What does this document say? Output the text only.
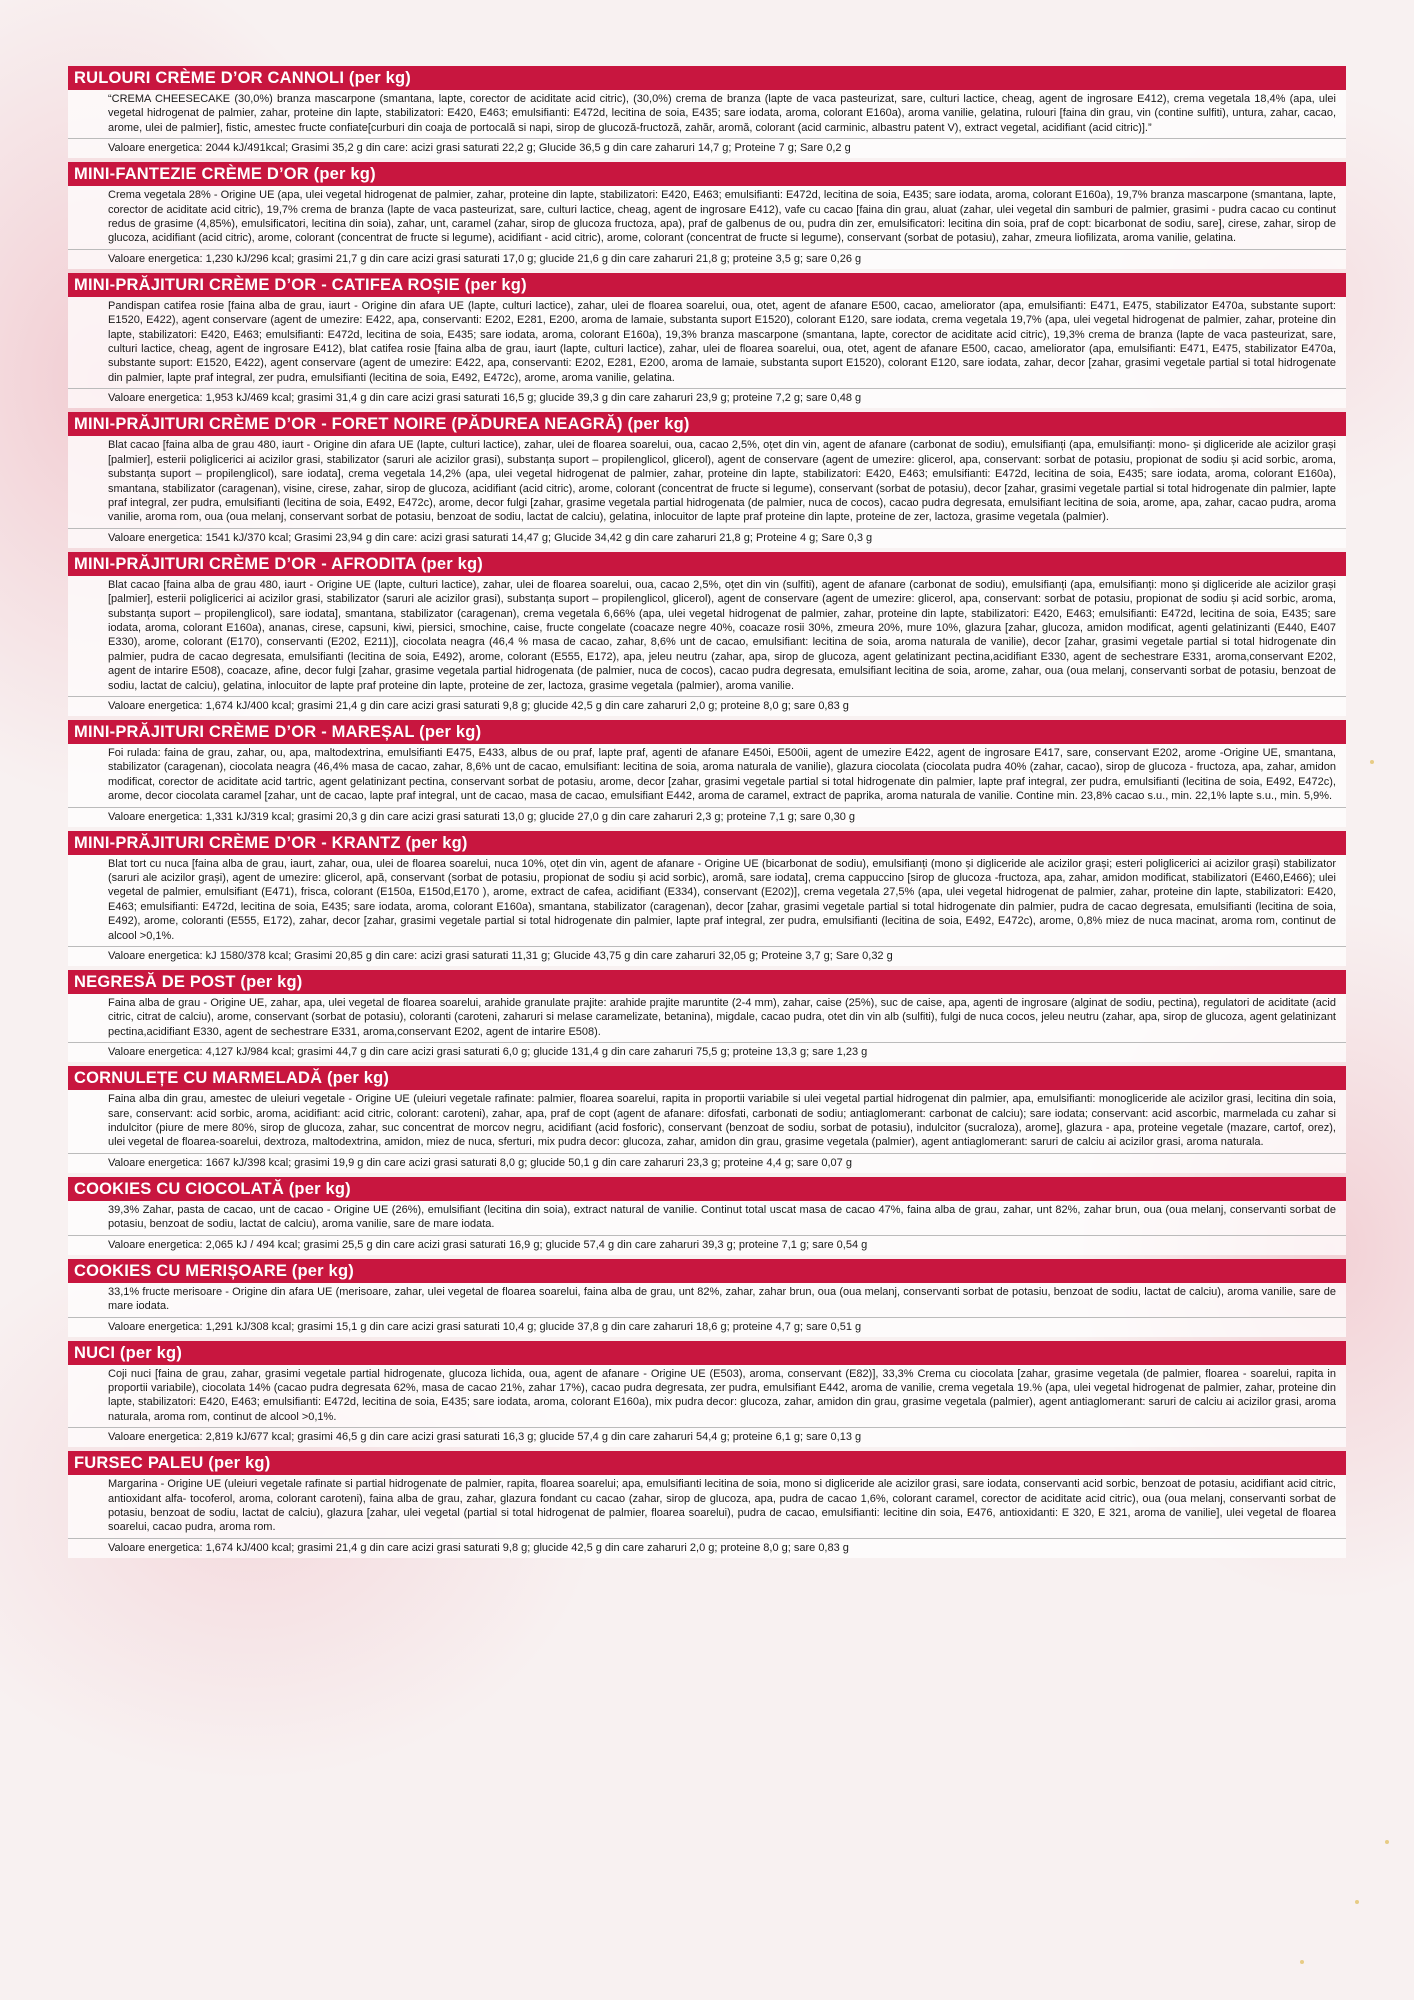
RULOURI CRÈME D’OR CANNOLI (per kg)
“CREMA CHEESECAKE (30,0%) branza mascarpone (smantana, lapte, corector de aciditate acid citric), (30,0%) crema de branza (lapte de vaca pasteurizat, sare, culturi lactice, cheag, agent de ingrosare E412), crema vegetala 18,4% (apa, ulei vegetal hidrogenat de palmier, zahar, proteine din lapte, stabilizatori: E420, E463; emulsifianti: E472d, lecitina de soia, E435; sare iodata, aroma, colorant E160a), aroma vanilie, gelatina, rulouri [faina din grau, vin (contine sulfiti), untura, zahar, cacao, arome, ulei de palmier], fistic, amestec fructe confiate[curburi din coaja de portocală si napi, sirop de glucoză-fructoză, zahăr, aromă, colorant (acid carminic, albastru patent V), extract vegetal, acidifiant (acid citric)].”
Valoare energetica: 2044 kJ/491kcal; Grasimi 35,2 g din care: acizi grasi saturati 22,2 g; Glucide 36,5 g din care zaharuri 14,7 g; Proteine 7 g; Sare 0,2 g
MINI-FANTEZIE CRÈME D’OR (per kg)
Crema vegetala 28% - Origine UE (apa, ulei vegetal hidrogenat de palmier, zahar, proteine din lapte, stabilizatori: E420, E463; emulsifianti: E472d, lecitina de soia, E435; sare iodata, aroma, colorant E160a), 19,7% branza mascarpone (smantana, lapte, corector de aciditate acid citric), 19,7% crema de branza (lapte de vaca pasteurizat, sare, culturi lactice, cheag, agent de ingrosare E412), vafe cu cacao [faina din grau, aluat (zahar, ulei vegetal din samburi de palmier, grasimi - pudra cacao cu continut redus de grasime (4,85%), emulsificatori, lecitina din soia), zahar, unt, caramel (zahar, sirop de glucoza fructoza, apa), praf de galbenus de ou, pudra din zer, emulsificatori: lecitina din soia, praf de copt: bicarbonat de sodiu, sare], cirese, zahar, sirop de glucoza, acidifiant (acid citric), arome, colorant (concentrat de fructe si legume), acidifiant - acid citric), arome, colorant (concentrat de fructe si legume), conservant (sorbat de potasiu), zahar, zmeura liofilizata, aroma vanilie, gelatina.
Valoare energetica: 1,230 kJ/296 kcal; grasimi 21,7 g din care acizi grasi saturati 17,0 g; glucide 21,6 g din care zaharuri 21,8 g; proteine 3,5 g; sare 0,26 g
MINI-PRĂJITURI CRÈME D’OR - CATIFEA ROȘIE (per kg)
Pandispan catifea rosie [faina alba de grau, iaurt - Origine din afara UE (lapte, culturi lactice), zahar, ulei de floarea soarelui, oua, otet, agent de afanare E500, cacao, ameliorator (apa, emulsifianti: E471, E475, stabilizator E470a, substante suport: E1520, E422), agent conservare (agent de umezire: E422, apa, conservanti: E202, E281, E200, aroma de lamaie, substanta suport E1520), colorant E120, sare iodata, crema vegetala 19,7% (apa, ulei vegetal hidrogenat de palmier, zahar, proteine din lapte, stabilizatori: E420, E463; emulsifianti: E472d, lecitina de soia, E435; sare iodata, aroma, colorant E160a), 19,3% branza mascarpone (smantana, lapte, corector de aciditate acid citric), 19,3% crema de branza (lapte de vaca pasteurizat, sare, culturi lactice, cheag, agent de ingrosare E412), blat catifea rosie [faina alba de grau, iaurt (lapte, culturi lactice), zahar, ulei de floarea soarelui, oua, otet, agent de afanare E500, cacao, ameliorator (apa, emulsifianti: E471, E475, stabilizator E470a, substante suport: E1520, E422), agent conservare (agent de umezire: E422, apa, conservanti: E202, E281, E200, aroma de lamaie, substanta suport E1520), colorant E120, sare iodata, zahar, decor [zahar, grasimi vegetale partial si total hidrogenate din palmier, lapte praf integral, zer pudra, emulsifianti (lecitina de soia, E492, E472c), arome, aroma vanilie, gelatina.
Valoare energetica: 1,953 kJ/469 kcal; grasimi 31,4 g din care acizi grasi saturati 16,5 g; glucide 39,3 g din care zaharuri 23,9 g; proteine 7,2 g; sare 0,48 g
MINI-PRĂJITURI CRÈME D’OR - FORET NOIRE (PĂDUREA NEAGRĂ) (per kg)
Blat cacao [faina alba de grau 480, iaurt - Origine din afara UE (lapte, culturi lactice), zahar, ulei de floarea soarelui, oua, cacao 2,5%, oțet din vin, agent de afanare (carbonat de sodiu), emulsifianți (apa, emulsifianți: mono- și digliceride ale acizilor grași [palmier], esterii poliglicerici ai acizilor grasi, stabilizator (saruri ale acizilor grasi), substanța suport – propilenglicol, glicerol), agent de conservare (agent de umezire: glicerol, apa, conservant: sorbat de potasiu, propionat de sodiu și acid sorbic, aroma, substanța suport – propilenglicol), sare iodata], crema vegetala 14,2% (apa, ulei vegetal hidrogenat de palmier, zahar, proteine din lapte, stabilizatori: E420, E463; emulsifianti: E472d, lecitina de soia, E435; sare iodata, aroma, colorant E160a), smantana, stabilizator (caragenan), visine, cirese, zahar, sirop de glucoza, acidifiant (acid citric), arome, colorant (concentrat de fructe si legume), conservant (sorbat de potasiu), decor [zahar, grasimi vegetale partial si total hidrogenate din palmier, lapte praf integral, zer pudra, emulsifianti (lecitina de soia, E492, E472c), arome, decor fulgi [zahar, grasime vegetala partial hidrogenata (de palmier, nuca de cocos), cacao pudra degresata, emulsifiant lecitina de soia, arome, apa, zahar, cacao pudra, aroma vanilie, aroma rom, oua (oua melanj, conservant sorbat de potasiu, benzoat de sodiu, lactat de calciu), gelatina, inlocuitor de lapte praf proteine din lapte, proteine de zer, lactoza, grasime vegetala (palmier).
Valoare energetica: 1541 kJ/370 kcal; Grasimi 23,94 g din care: acizi grasi saturati 14,47 g; Glucide 34,42 g din care zaharuri 21,8 g; Proteine 4 g; Sare 0,3 g
MINI-PRĂJITURI CRÈME D’OR - AFRODITA (per kg)
Blat cacao [faina alba de grau 480, iaurt - Origine UE (lapte, culturi lactice), zahar, ulei de floarea soarelui, oua, cacao 2,5%, oțet din vin (sulfiti), agent de afanare (carbonat de sodiu), emulsifianți (apa, emulsifianți: mono și digliceride ale acizilor grași [palmier], esterii poliglicerici ai acizilor grasi, stabilizator (saruri ale acizilor grasi), substanța suport – propilenglicol, glicerol), agent de conservare (agent de umezire: glicerol, apa, conservant: sorbat de potasiu, propionat de sodiu și acid sorbic, aroma, substanța suport – propilenglicol), sare iodata], smantana, stabilizator (caragenan), crema vegetala 6,66% (apa, ulei vegetal hidrogenat de palmier, zahar, proteine din lapte, stabilizatori: E420, E463; emulsifianti: E472d, lecitina de soia, E435; sare iodata, aroma, colorant E160a), ananas, cirese, capsuni, kiwi, piersici, smochine, caise, fructe congelate (coacaze negre 40%, coacaze rosii 30%, zmeura 20%, mure 10%, glazura [zahar, glucoza, amidon modificat, agenti gelatinizanti (E440, E407 E330), arome, colorant (E170), conservanti (E202, E211)], ciocolata neagra (46,4 % masa de cacao, zahar, 8,6% unt de cacao, emulsifiant: lecitina de soia, aroma naturala de vanilie), decor [zahar, grasimi vegetale partial si total hidrogenate din palmier, pudra de cacao degresata, emulsifianti (lecitina de soia, E492), arome, colorant (E555, E172), apa, jeleu neutru (zahar, apa, sirop de glucoza, agent gelatinizant pectina,acidifiant E330, agent de sechestrare E331, aroma,conservant E202, agent de intarire E508), coacaze, afine, decor fulgi [zahar, grasime vegetala partial hidrogenata (de palmier, nuca de cocos), cacao pudra degresata, emulsifiant lecitina de soia, arome, zahar, oua (oua melanj, conservanti sorbat de potasiu, benzoat de sodiu, lactat de calciu), gelatina, inlocuitor de lapte praf proteine din lapte, proteine de zer, lactoza, grasime vegetala (palmier), aroma vanilie.
Valoare energetica: 1,674 kJ/400 kcal; grasimi 21,4 g din care acizi grasi saturati 9,8 g; glucide 42,5 g din care zaharuri 2,0 g; proteine 8,0 g; sare 0,83 g
MINI-PRĂJITURI CRÈME D’OR - MAREȘAL (per kg)
Foi rulada: faina de grau, zahar, ou, apa, maltodextrina, emulsifianti E475, E433, albus de ou praf, lapte praf, agenti de afanare E450i, E500ii, agent de umezire E422, agent de ingrosare E417, sare, conservant E202, arome -Origine UE, smantana, stabilizator (caragenan), ciocolata neagra (46,4% masa de cacao, zahar, 8,6% unt de cacao, emulsifiant: lecitina de soia, aroma naturala de vanilie), glazura ciocolata (ciocolata pudra 40% (zahar, cacao), sirop de glucoza - fructoza, apa, zahar, amidon modificat, corector de aciditate acid tartric, agent gelatinizant pectina, conservant sorbat de potasiu, arome, decor [zahar, grasimi vegetale partial si total hidrogenate din palmier, lapte praf integral, zer pudra, emulsifianti (lecitina de soia, E492, E472c), arome, decor ciocolata caramel [zahar, unt de cacao, lapte praf integral, unt de cacao, masa de cacao, emulsifiant E442, aroma de caramel, extract de paprika, aroma naturala de vanilie. Contine min. 23,8% cacao s.u., min. 22,1% lapte s.u., min. 5,9%.
Valoare energetica: 1,331 kJ/319 kcal; grasimi 20,3 g din care acizi grasi saturati 13,0 g; glucide 27,0 g din care zaharuri 2,3 g; proteine 7,1 g; sare 0,30 g
MINI-PRĂJITURI CRÈME D’OR - KRANTZ (per kg)
Blat tort cu nuca [faina alba de grau, iaurt, zahar, oua, ulei de floarea soarelui, nuca 10%, oțet din vin, agent de afanare - Origine UE (bicarbonat de sodiu), emulsifianți (mono și digliceride ale acizilor grași; esteri poliglicerici ai acizilor grași) stabilizator (saruri ale acizilor grași), agent de umezire: glicerol, apă, conservant (sorbat de potasiu, propionat de sodiu și acid sorbic), aromă, sare iodata], crema cappuccino [sirop de glucoza -fructoza, apa, zahar, amidon modificat, stabilizatori (E460,E466); ulei vegetal de palmier, emulsifiant (E471), frisca, colorant (E150a, E150d,E170 ), arome, extract de cafea, acidifiant (E334), conservant (E202)], crema vegetala 27,5% (apa, ulei vegetal hidrogenat de palmier, zahar, proteine din lapte, stabilizatori: E420, E463; emulsifianti: E472d, lecitina de soia, E435; sare iodata, aroma, colorant E160a), smantana, stabilizator (caragenan), decor [zahar, grasimi vegetale partial si total hidrogenate din palmier, pudra de cacao degresata, emulsifianti (lecitina de soia, E492), arome, coloranti (E555, E172), zahar, decor [zahar, grasimi vegetale partial si total hidrogenate din palmier, lapte praf integral, zer pudra, emulsifianti (lecitina de soia, E492, E472c), arome, 0,8% miez de nuca macinat, aroma rom, continut de alcool >0,1%.
Valoare energetica: kJ 1580/378 kcal; Grasimi 20,85 g din care: acizi grasi saturati 11,31 g; Glucide 43,75 g din care zaharuri 32,05 g; Proteine 3,7 g; Sare 0,32 g
NEGRESĂ DE POST (per kg)
Faina alba de grau - Origine UE, zahar, apa, ulei vegetal de floarea soarelui, arahide granulate prajite: arahide prajite maruntite (2-4 mm), zahar, caise (25%), suc de caise, apa, agenti de ingrosare (alginat de sodiu, pectina), regulatori de aciditate (acid citric, citrat de calciu), arome, conservant (sorbat de potasiu), coloranti (caroteni, zaharuri si melase caramelizate, betanina), migdale, cacao pudra, otet din vin alb (sulfiti), fulgi de nuca cocos, jeleu neutru (zahar, apa, sirop de glucoza, agent gelatinizant pectina,acidifiant E330, agent de sechestrare E331, aroma,conservant E202, agent de intarire E508).
Valoare energetica: 4,127 kJ/984 kcal; grasimi 44,7 g din care acizi grasi saturati 6,0 g; glucide 131,4 g din care zaharuri 75,5 g; proteine 13,3 g; sare 1,23 g
CORNULEȚE CU MARMELADĂ (per kg)
Faina alba din grau, amestec de uleiuri vegetale - Origine UE (uleiuri vegetale rafinate: palmier, floarea soarelui, rapita in proportii variabile si ulei vegetal partial hidrogenat din palmier, apa, emulsifianti: monogliceride ale acizilor grasi, lecitina din soia, sare, conservant: acid sorbic, aroma, acidifiant: acid citric, colorant: caroteni), zahar, apa, praf de copt (agent de afanare: difosfati, carbonati de sodiu; antiaglomerant: carbonat de calciu); sare iodata; conservant: acid ascorbic, marmelada cu zahar si indulcitor (piure de mere 80%, sirop de glucoza, zahar, suc concentrat de morcov negru, acidifiant (acid fosforic), conservant (benzoat de sodiu, sorbat de potasiu), indulcitor (sucraloza), arome], glazura - apa, proteine vegetale (mazare, cartof, orez), ulei vegetal de floarea-soarelui, dextroza, maltodextrina, amidon, miez de nuca, sferturi, mix pudra decor: glucoza, zahar, amidon din grau, grasime vegetala (palmier), agent antiaglomerant: saruri de calciu ai acizilor grasi, aroma naturala.
Valoare energetica: 1667 kJ/398 kcal; grasimi 19,9 g din care acizi grasi saturati 8,0 g; glucide 50,1 g din care zaharuri 23,3 g; proteine 4,4 g; sare 0,07 g
COOKIES CU CIOCOLATĂ (per kg)
39,3% Zahar, pasta de cacao, unt de cacao - Origine UE (26%), emulsifiant (lecitina din soia), extract natural de vanilie. Continut total uscat masa de cacao 47%, faina alba de grau, zahar, unt 82%, zahar brun, oua (oua melanj, conservanti sorbat de potasiu, benzoat de sodiu, lactat de calciu), aroma vanilie, sare de mare iodata.
Valoare energetica: 2,065 kJ / 494 kcal; grasimi 25,5 g din care acizi grasi saturati 16,9 g; glucide 57,4 g din care zaharuri 39,3 g; proteine 7,1 g; sare 0,54 g
COOKIES CU MERIȘOARE (per kg)
33,1% fructe merisoare - Origine din afara UE (merisoare, zahar, ulei vegetal de floarea soarelui, faina alba de grau, unt 82%, zahar, zahar brun, oua (oua melanj, conservanti sorbat de potasiu, benzoat de sodiu, lactat de calciu), aroma vanilie, sare de mare iodata.
Valoare energetica: 1,291 kJ/308 kcal; grasimi 15,1 g din care acizi grasi saturati 10,4 g; glucide 37,8 g din care zaharuri 18,6 g; proteine 4,7 g; sare 0,51 g
NUCI (per kg)
Coji nuci [faina de grau, zahar, grasimi vegetale partial hidrogenate, glucoza lichida, oua, agent de afanare - Origine UE (E503), aroma, conservant (E82)], 33,3% Crema cu ciocolata [zahar, grasime vegetala (de palmier, floarea - soarelui, rapita in proportii variabile), ciocolata 14% (cacao pudra degresata 62%, masa de cacao 21%, zahar 17%), cacao pudra degresata, zer pudra, emulsifiant E442, aroma de vanilie, crema vegetala 19.% (apa, ulei vegetal hidrogenat de palmier, zahar, proteine din lapte, stabilizatori: E420, E463; emulsifianti: E472d, lecitina de soia, E435; sare iodata, aroma, colorant E160a), mix pudra decor: glucoza, zahar, amidon din grau, grasime vegetala (palmier), agent antiaglomerant: saruri de calciu ai acizilor grasi, aroma naturala, aroma rom, continut de alcool >0,1%.
Valoare energetica: 2,819 kJ/677 kcal; grasimi 46,5 g din care acizi grasi saturati 16,3 g; glucide 57,4 g din care zaharuri 54,4 g; proteine 6,1 g; sare 0,13 g
FURSEC PALEU (per kg)
Margarina - Origine UE (uleiuri vegetale rafinate si partial hidrogenate de palmier, rapita, floarea soarelui; apa, emulsifianti lecitina de soia, mono si digliceride ale acizilor grasi, sare iodata, conservanti acid sorbic, benzoat de potasiu, acidifiant acid citric, antioxidant alfa- tocoferol, aroma, colorant caroteni), faina alba de grau, zahar, glazura fondant cu cacao (zahar, sirop de glucoza, apa, pudra de cacao 1,6%, colorant caramel, corector de aciditate acid citric), oua (oua melanj, conservanti sorbat de potasiu, benzoat de sodiu, lactat de calciu), glazura [zahar, ulei vegetal (partial si total hidrogenat de palmier, floarea soarelui), pudra de cacao, emulsifianti: lecitine din soia, E476, antioxidanti: E 320, E 321, aroma de vanilie], ulei vegetal de floarea soarelui, cacao pudra, aroma rom.
Valoare energetica: 1,674 kJ/400 kcal; grasimi 21,4 g din care acizi grasi saturati 9,8 g; glucide 42,5 g din care zaharuri 2,0 g; proteine 8,0 g; sare 0,83 g
